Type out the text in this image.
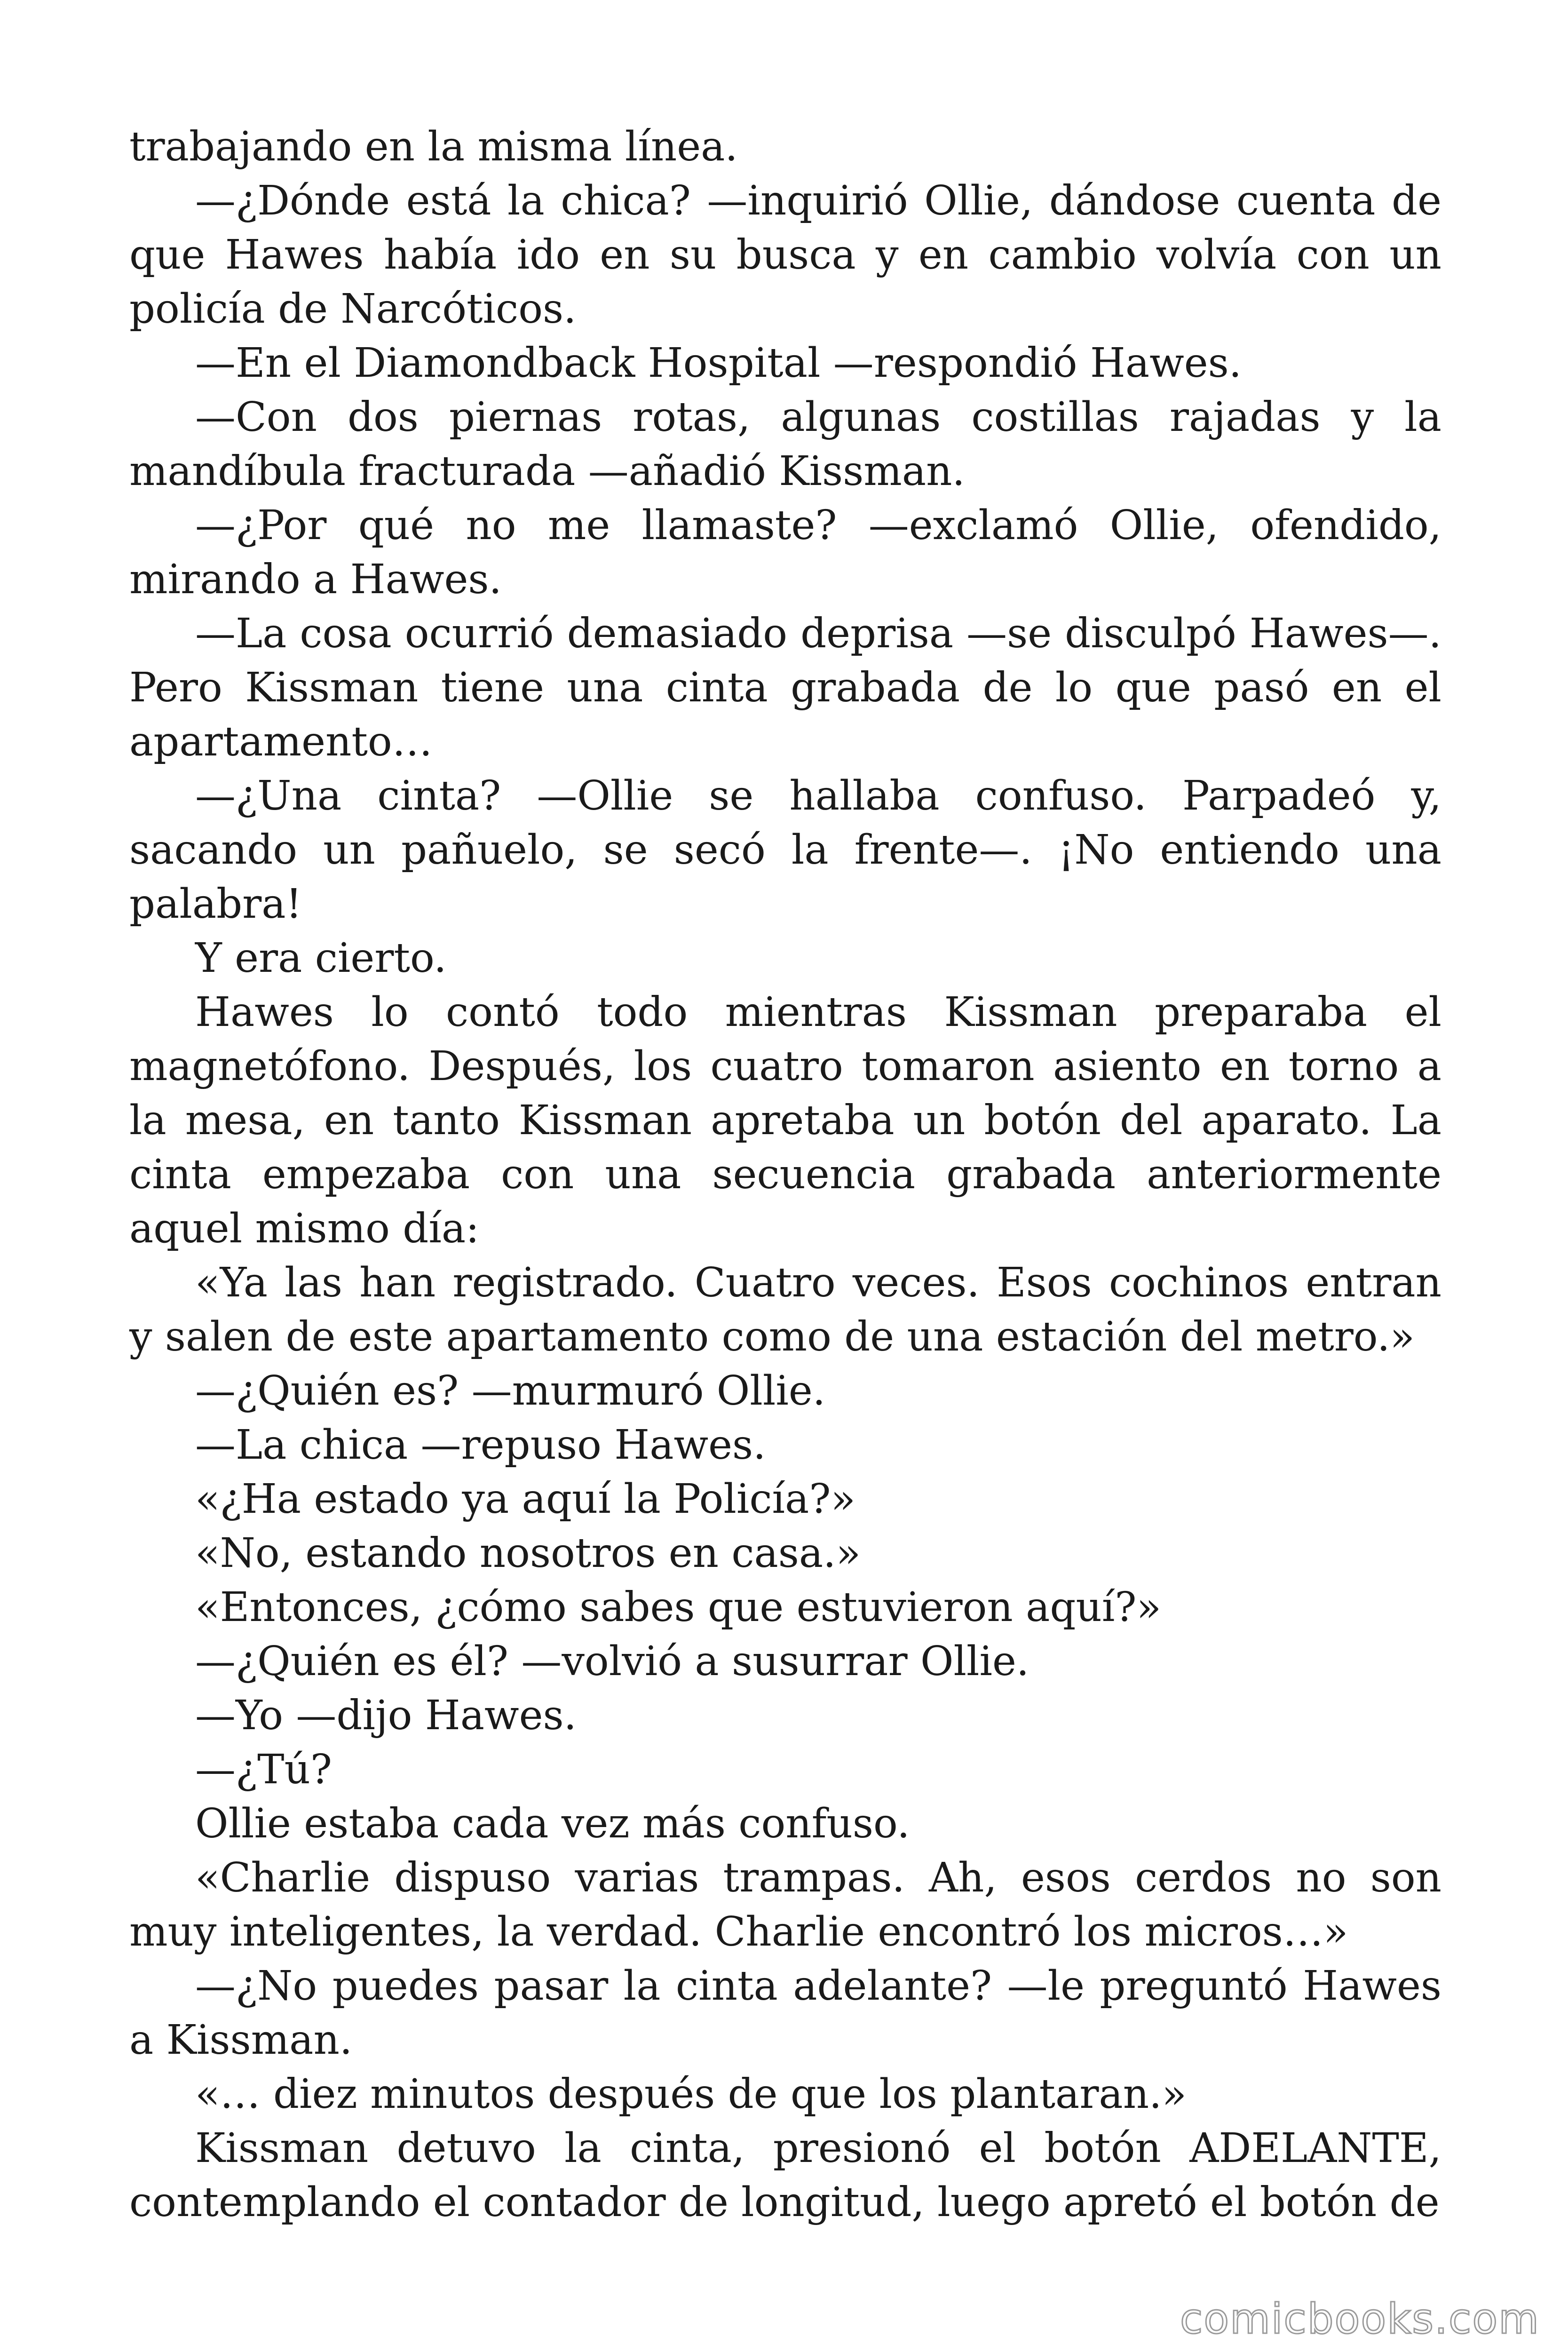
trabajando en la misma línea.

—¿Dónde está la chica? —inquirió Ollie, dándose cuenta de que Hawes había ido en su busca y en cambio volvía con un policía de Narcóticos.

—En el Diamondback Hospital —respondió Hawes.

—Con dos piernas rotas, algunas costillas rajadas y la mandíbula fracturada —añadió Kissman.

—¿Por qué no me llamaste? —exclamó Ollie, ofendido, mirando a Hawes.

—La cosa ocurrió demasiado deprisa —se disculpó Hawes—. Pero Kissman tiene una cinta grabada de lo que pasó en el apartamento…

—¿Una cinta? —Ollie se hallaba confuso. Parpadeó y, sacando un pañuelo, se secó la frente—. ¡No entiendo una palabra!

Y era cierto.

Hawes lo contó todo mientras Kissman preparaba el magnetófono. Después, los cuatro tomaron asiento en torno a la mesa, en tanto Kissman apretaba un botón del aparato. La cinta empezaba con una secuencia grabada anteriormente aquel mismo día:

«Ya las han registrado. Cuatro veces. Esos cochinos entran y salen de este apartamento como de una estación del metro.»

—¿Quién es? —murmuró Ollie.

—La chica —repuso Hawes.

«¿Ha estado ya aquí la Policía?»

«No, estando nosotros en casa.»

«Entonces, ¿cómo sabes que estuvieron aquí?»

—¿Quién es él? —volvió a susurrar Ollie.

—Yo —dijo Hawes.

—¿Tú?

Ollie estaba cada vez más confuso.

«Charlie dispuso varias trampas. Ah, esos cerdos no son muy inteligentes, la verdad. Charlie encontró los micros…»

—¿No puedes pasar la cinta adelante? —le preguntó Hawes a Kissman.

«… diez minutos después de que los plantaran.»

Kissman detuvo la cinta, presionó el botón ADELANTE, contemplando el contador de longitud, luego apretó el botón de

comicbooks.com
